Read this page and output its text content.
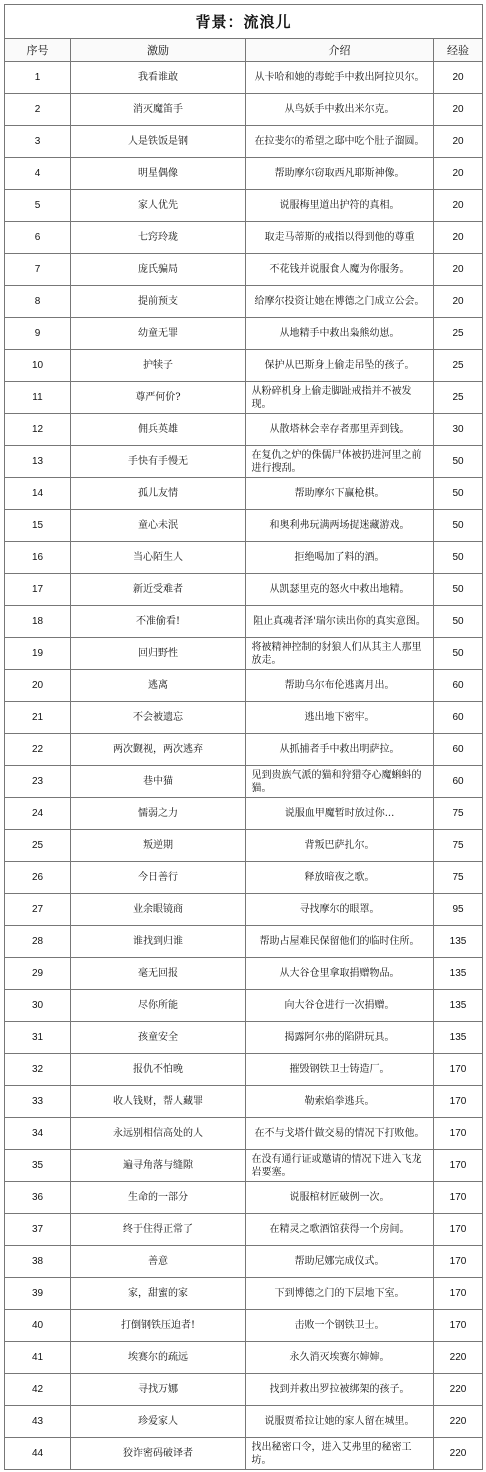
背景：流浪儿			
序号	激励	介绍	经验
1	我看谁敢	从卡哈和她的毒蛇手中救出阿拉贝尔。	20
2	消灭魔笛手	从鸟妖手中救出米尔克。	20
3	人是铁饭是钢	在拉斐尔的希望之邸中吃个肚子溜圆。	20
4	明星偶像	帮助摩尔窃取西凡耶斯神像。	20
5	家人优先	说服梅里道出护符的真相。	20
6	七窍玲珑	取走马蒂斯的戒指以得到他的尊重	20
7	庞氏骗局	不花钱并说服食人魔为你服务。	20
8	提前预支	给摩尔投资让她在博德之门成立公会。	20
9	幼童无罪	从地精手中救出枭熊幼崽。	25
10	护犊子	保护从巴斯身上偷走吊坠的孩子。	25
11	尊严何价?	从粉碎机身上偷走脚趾戒指并不被发现。	25
12	佣兵英雄	从散塔林会幸存者那里弄到钱。	30
13	手快有手慢无	在复仇之炉的侏儒尸体被扔进河里之前进行搜刮。	50
14	孤儿友情	帮助摩尔下赢枪棋。	50
15	童心未泯	和奥利弗玩满两场捉迷藏游戏。	50
16	当心陌生人	拒绝喝加了料的酒。	50
17	新近受难者	从凯瑟里克的怒火中救出地精。	50
18	不准偷看!	阻止真魂者泽'瑞尔读出你的真实意图。	50
19	回归野性	将被精神控制的豺狼人们从其主人那里放走。	50
20	逃离	帮助乌尔布伦逃离月出。	60
21	不会被遗忘	逃出地下密牢。	60
22	两次觐视，两次逃弃	从抓捕者手中救出明萨拉。	60
23	巷中猫	见到贵族气派的猫和狩猎夺心魔蝌蚪的猫。	60
24	懦弱之力	说服血甲魔暂时放过你...	75
25	叛逆期	背叛巴萨扎尔。	75
26	今日善行	释放暗夜之歌。	75
27	业余眼镜商	寻找摩尔的眼罩。	95
28	谁找到归谁	帮助占屋难民保留他们的临时住所。	135
29	毫无回报	从大谷仓里拿取捐赠物品。	135
30	尽你所能	向大谷仓进行一次捐赠。	135
31	孩童安全	揭露阿尔弗的陷阱玩具。	135
32	报仇不怕晚	摧毁钢铁卫士铸造厂。	170
33	收人钱财，帮人藏罪	勒索焰拳逃兵。	170
34	永远别相信高处的人	在不与戈塔什做交易的情况下打败他。	170
35	遍寻角落与缝隙	在没有通行证或邀请的情况下进入飞龙岩要塞。	170
36	生命的一部分	说服棺材匠破例一次。	170
37	终于住得正常了	在精灵之歌酒馆获得一个房间。	170
38	善意	帮助尼娜完成仪式。	170
39	家，甜蜜的家	下到博德之门的下层地下室。	170
40	打倒钢铁压迫者!	击败一个钢铁卫士。	170
41	埃赛尔的疏远	永久消灭埃赛尔婶婶。	220
42	寻找万娜	找到并救出罗拉被绑架的孩子。	220
43	珍爱家人	说服贾希拉让她的家人留在城里。	220
44	狡诈密码破译者	找出秘密口令，进入艾弗里的秘密工坊。	220
